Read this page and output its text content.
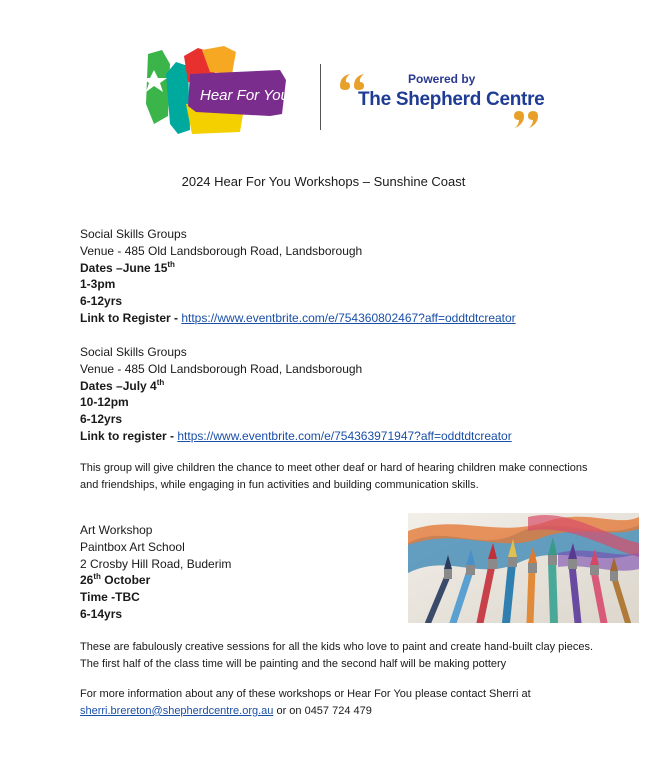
Hear For You
Powered by
The Shepherd Centre
2024 Hear For You Workshops – Sunshine Coast
Social Skills Groups
Venue - 485 Old Landsborough Road, Landsborough
Dates –June 15th
1-3pm
6-12yrs
Link to Register - https://www.eventbrite.com/e/754360802467?aff=oddtdtcreator
Social Skills Groups
Venue - 485 Old Landsborough Road, Landsborough
Dates –July 4th
10-12pm
6-12yrs
Link to register - https://www.eventbrite.com/e/754363971947?aff=oddtdtcreator
This group will give children the chance to meet other deaf or hard of hearing children make connections and friendships, while engaging in fun activities and building communication skills.
Art Workshop
Paintbox Art School
2 Crosby Hill Road, Buderim
26th October
Time -TBC
6-14yrs
These are fabulously creative sessions for all the kids who love to paint and create hand-built clay pieces. The first half of the class time will be painting and the second half will be making pottery
For more information about any of these workshops or Hear For You please contact Sherri at
sherri.brereton@shepherdcentre.org.au or on 0457 724 479
